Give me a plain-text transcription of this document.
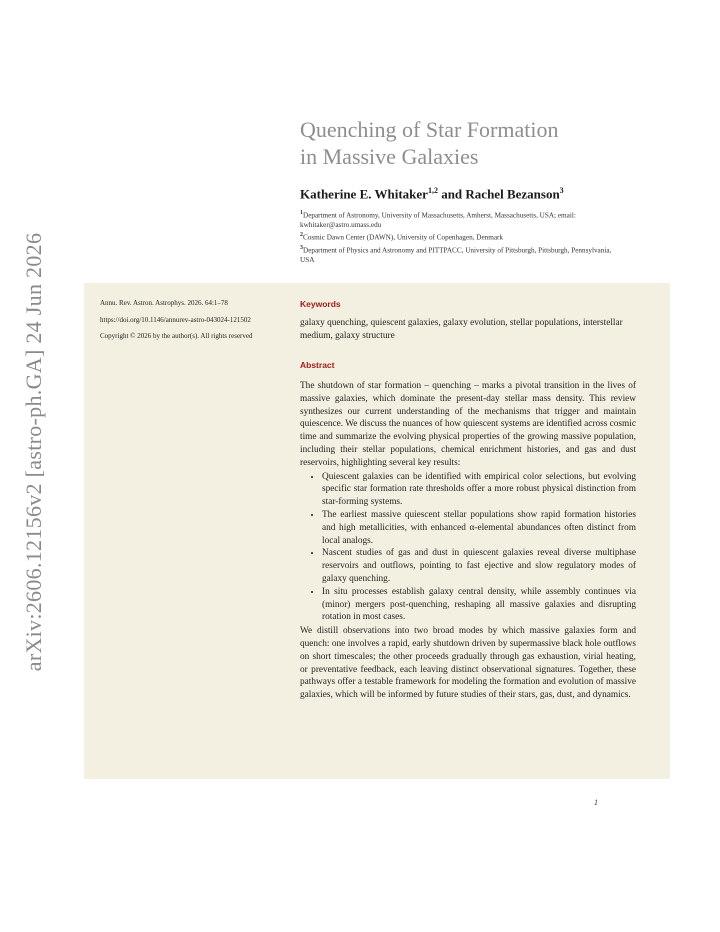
arXiv:2606.12156v2 [astro-ph.GA] 24 Jun 2026
Quenching of Star Formation
in Massive Galaxies
Katherine E. Whitaker$^{1,2}$ and Rachel Bezanson$^3$
$^1$Department of Astronomy, University of Massachusetts, Amherst, Massachusetts, USA; email: kwhitaker@astro.umass.edu
$^2$Cosmic Dawn Center (DAWN), University of Copenhagen, Denmark
$^3$Department of Physics and Astronomy and PITTPACC, University of Pittsburgh, Pittsburgh, Pennsylvania, USA

Annu. Rev. Astron. Astrophys. 2026. 64:1–78

https://doi.org/10.1146/annurev-astro-043024-121502

Copyright © 2026 by the author(s). All rights reserved

Keywords
galaxy quenching, quiescent galaxies, galaxy evolution, stellar populations, interstellar medium, galaxy structure
Abstract

The shutdown of star formation – quenching – marks a pivotal transition in the lives of massive galaxies, which dominate the present-day stellar mass density. This review synthesizes our current understanding of the mechanisms that trigger and maintain quiescence. We discuss the nuances of how quiescent systems are identified across cosmic time and summarize the evolving physical properties of the growing massive population, including their stellar populations, chemical enrichment histories, and gas and dust reservoirs, highlighting several key results:

• Quiescent galaxies can be identified with empirical color selections, but evolving specific star formation rate thresholds offer a more robust physical distinction from star-forming systems.
• The earliest massive quiescent stellar populations show rapid formation histories and high metallicities, with enhanced α-elemental abundances often distinct from local analogs.
• Nascent studies of gas and dust in quiescent galaxies reveal diverse multiphase reservoirs and outflows, pointing to fast ejective and slow regulatory modes of galaxy quenching.
• In situ processes establish galaxy central density, while assembly continues via (minor) mergers post-quenching, reshaping all massive galaxies and disrupting rotation in most cases.

We distill observations into two broad modes by which massive galaxies form and quench: one involves a rapid, early shutdown driven by supermassive black hole outflows on short timescales; the other proceeds gradually through gas exhaustion, virial heating, or preventative feedback, each leaving distinct observational signatures. Together, these pathways offer a testable framework for modeling the formation and evolution of massive galaxies, which will be informed by future studies of their stars, gas, dust, and dynamics.

1
